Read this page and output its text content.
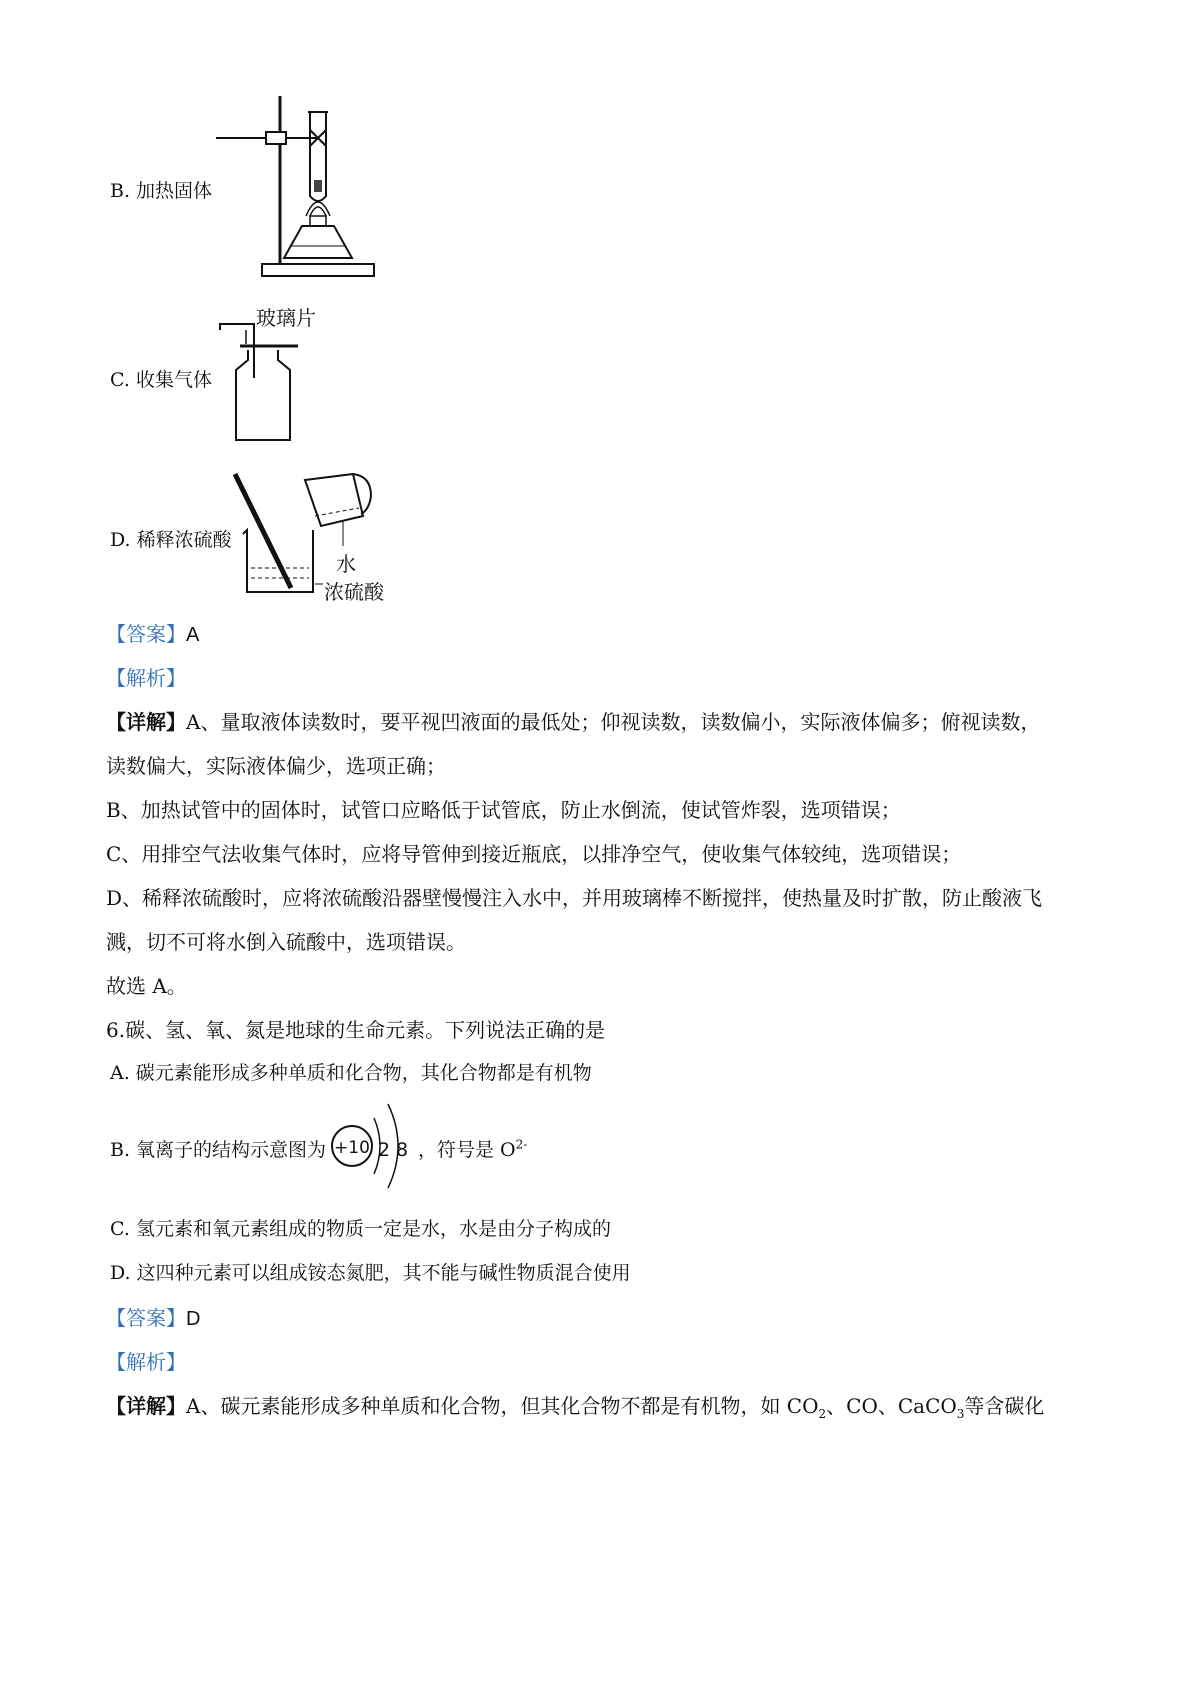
B. 加热固体
C. 收集气体
玻璃片
D. 稀释浓硫酸
水
浓硫酸
【答案】A
【解析】
【详解】A、量取液体读数时，要平视凹液面的最低处；仰视读数，读数偏小，实际液体偏多；俯视读数，
读数偏大，实际液体偏少，选项正确；
B、加热试管中的固体时，试管口应略低于试管底，防止水倒流，使试管炸裂，选项错误；
C、用排空气法收集气体时，应将导管伸到接近瓶底，以排净空气，使收集气体较纯，选项错误；
D、稀释浓硫酸时，应将浓硫酸沿器壁慢慢注入水中，并用玻璃棒不断搅拌，使热量及时扩散，防止酸液飞
溅，切不可将水倒入硫酸中，选项错误。
故选 A。
6.碳、氢、氧、氮是地球的生命元素。下列说法正确的是
A. 碳元素能形成多种单质和化合物，其化合物都是有机物
B. 氧离子的结构示意图为 +10 2 8 ，符号是 $O^{2-}$
C. 氢元素和氧元素组成的物质一定是水，水是由分子构成的
D. 这四种元素可以组成铵态氮肥，其不能与碱性物质混合使用
【答案】D
【解析】
【详解】A、碳元素能形成多种单质和化合物，但其化合物不都是有机物，如 $CO_2$、CO、CaCO$_3$等含碳化
